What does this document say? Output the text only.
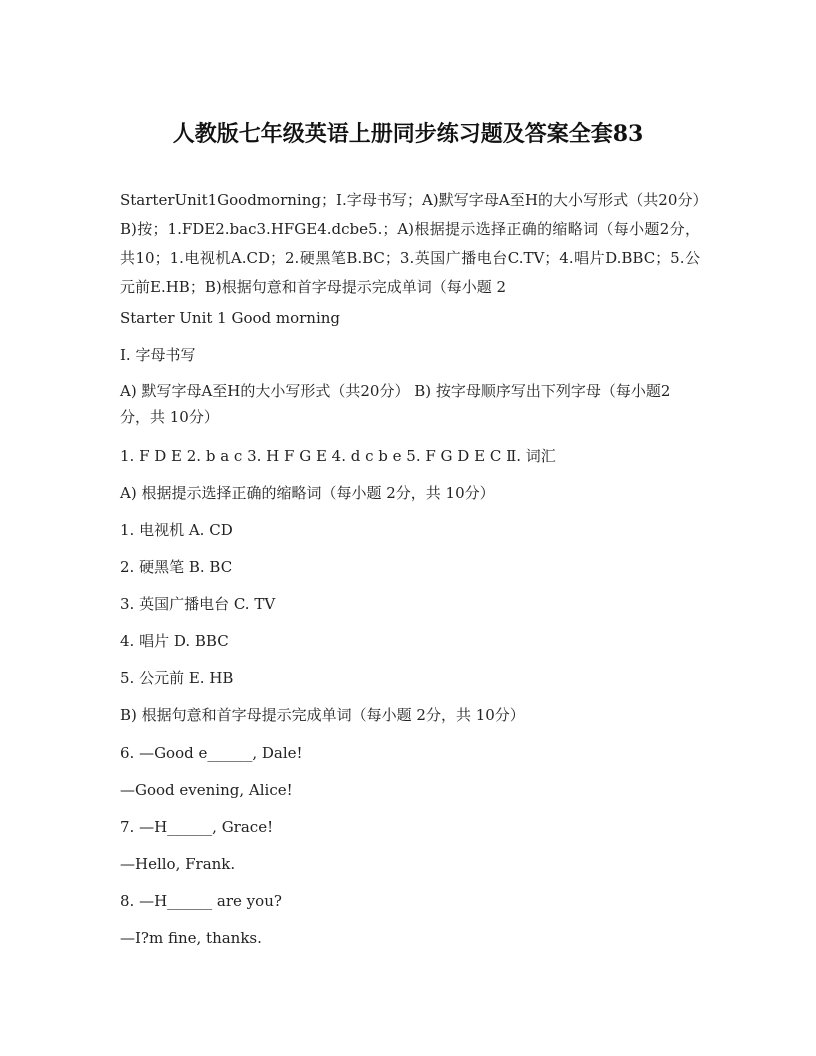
人教版七年级英语上册同步练习题及答案全套83
StarterUnit1Goodmorning；Ⅰ.字母书写；A)默写字母A至H的大小写形式（共20分）B)按；1.FDE2.bac3.HFGE4.dcbe5.；A)根据提示选择正确的缩略词（每小题2分，共10；1.电视机A.CD；2.硬黑笔B.BC；3.英国广播电台C.TV；4.唱片D.BBC；5.公元前E.HB；B)根据句意和首字母提示完成单词（每小题 2
Starter Unit 1 Good morning
Ⅰ. 字母书写
A) 默写字母A至H的大小写形式（共20分） B) 按字母顺序写出下列字母（每小题2分，共 10分）
1. F D E 2. b a c 3. H F G E 4. d c b e 5. F G D E C Ⅱ. 词汇
A) 根据提示选择正确的缩略词（每小题 2分，共 10分）
1. 电视机 A. CD
2. 硬黑笔 B. BC
3. 英国广播电台 C. TV
4. 唱片 D. BBC
5. 公元前 E. HB
B) 根据句意和首字母提示完成单词（每小题 2分，共 10分）
6. —Good e______, Dale!
—Good evening, Alice!
7. —H______, Grace!
—Hello, Frank.
8. —H______ are you?
—I?m fine, thanks.
